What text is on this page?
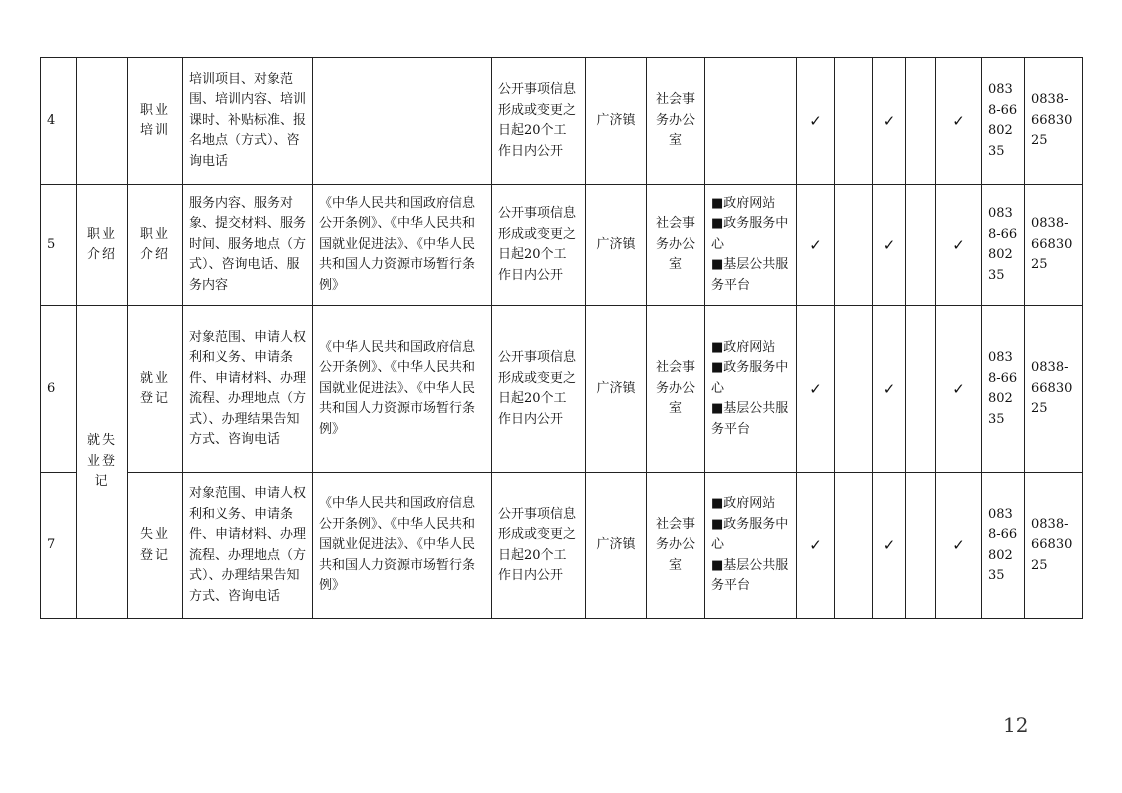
4		职业培训	培训项目、对象范围、培训内容、培训课时、补贴标准、报名地点（方式）、咨询电话		公开事项信息形成或变更之日起20个工作日内公开	广济镇	社会事务办公室		✓		✓		✓	0838-6680235	0838-6683025
5	职业介绍	职业介绍	服务内容、服务对象、提交材料、服务时间、服务地点（方式）、咨询电话、服务内容	《中华人民共和国政府信息公开条例》、《中华人民共和国就业促进法》、《中华人民共和国人力资源市场暂行条例》	公开事项信息形成或变更之日起20个工作日内公开	广济镇	社会事务办公室	■政府网站
■政务服务中心
■基层公共服务平台	✓		✓		✓	0838-6680235	0838-6683025
6	就失业登记	就业登记	对象范围、申请人权利和义务、申请条件、申请材料、办理流程、办理地点（方式）、办理结果告知方式、咨询电话	《中华人民共和国政府信息公开条例》、《中华人民共和国就业促进法》、《中华人民共和国人力资源市场暂行条例》	公开事项信息形成或变更之日起20个工作日内公开	广济镇	社会事务办公室	■政府网站
■政务服务中心
■基层公共服务平台	✓		✓		✓	0838-6680235	0838-6683025
7		失业登记	对象范围、申请人权利和义务、申请条件、申请材料、办理流程、办理地点（方式）、办理结果告知方式、咨询电话	《中华人民共和国政府信息公开条例》、《中华人民共和国就业促进法》、《中华人民共和国人力资源市场暂行条例》	公开事项信息形成或变更之日起20个工作日内公开	广济镇	社会事务办公室	■政府网站
■政务服务中心
■基层公共服务平台	✓		✓		✓	0838-6680235	0838-6683025
12
